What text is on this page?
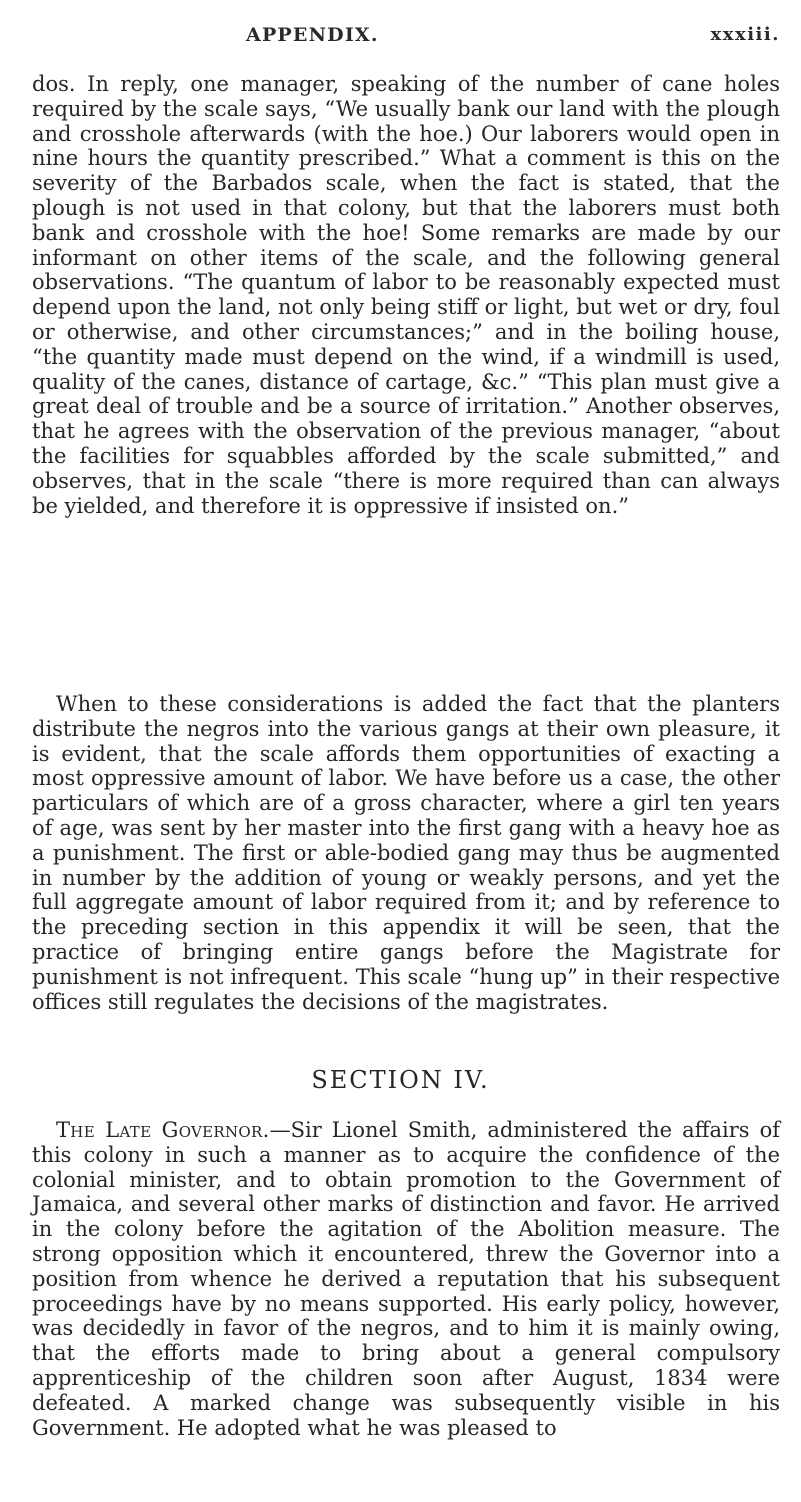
APPENDIX.	xxxiii.

dos. In reply, one manager, speaking of the number of cane holes required by the scale says, “We usually bank our land with the plough and crosshole afterwards (with the hoe.) Our laborers would open in nine hours the quantity prescribed.” What a comment is this on the severity of the Barbados scale, when the fact is stated, that the plough is not used in that colony, but that the laborers must both bank and crosshole with the hoe! Some remarks are made by our informant on other items of the scale, and the following general observations. “The quantum of labor to be reasonably expected must depend upon the land, not only being stiff or light, but wet or dry, foul or otherwise, and other circumstances;” and in the boiling house, “the quantity made must depend on the wind, if a windmill is used, quality of the canes, distance of cartage, &c.” “This plan must give a great deal of trouble and be a source of irritation.” Another observes, that he agrees with the observation of the previous manager, “about the facilities for squabbles afforded by the scale submitted,” and observes, that in the scale “there is more required than can always be yielded, and therefore it is oppressive if insisted on.”

When to these considerations is added the fact that the planters distribute the negros into the various gangs at their own pleasure, it is evident, that the scale affords them opportunities of exacting a most oppressive amount of labor. We have before us a case, the other particulars of which are of a gross character, where a girl ten years of age, was sent by her master into the first gang with a heavy hoe as a punishment. The first or able-bodied gang may thus be augmented in number by the addition of young or weakly persons, and yet the full aggregate amount of labor required from it; and by reference to the preceding section in this appendix it will be seen, that the practice of bringing entire gangs before the Magistrate for punishment is not infrequent. This scale “hung up” in their respective offices still regulates the decisions of the magistrates.

SECTION IV.

The Late Governor.—Sir Lionel Smith, administered the affairs of this colony in such a manner as to acquire the confidence of the colonial minister, and to obtain promotion to the Government of Jamaica, and several other marks of distinction and favor. He arrived in the colony before the agitation of the Abolition measure. The strong opposition which it encountered, threw the Governor into a position from whence he derived a reputation that his subsequent proceedings have by no means supported. His early policy, however, was decidedly in favor of the negros, and to him it is mainly owing, that the efforts made to bring about a general compulsory apprenticeship of the children soon after August, 1834 were defeated. A marked change was subsequently visible in his Government. He adopted what he was pleased to
